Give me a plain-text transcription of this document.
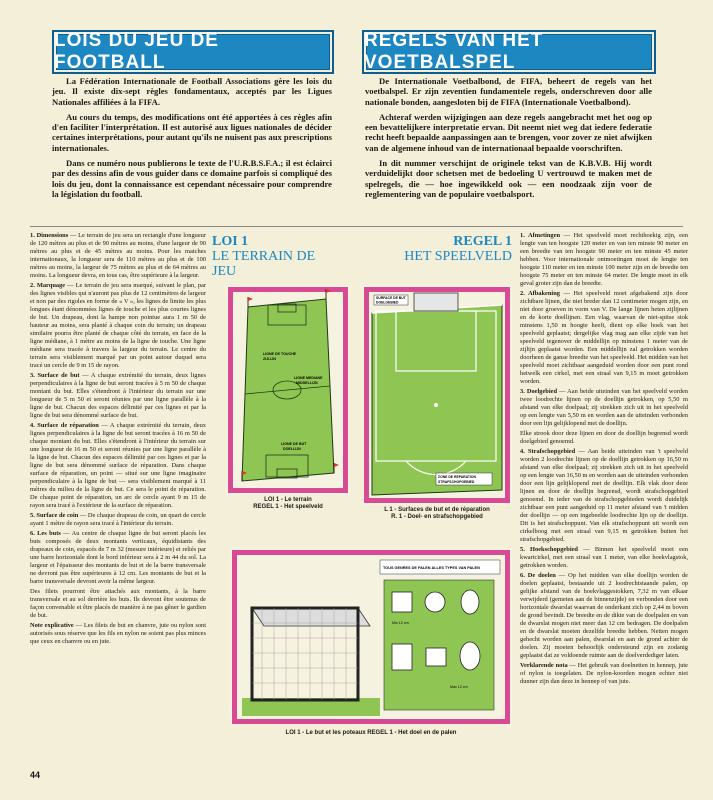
LOIS DU JEU DE FOOTBALL
REGELS VAN HET VOETBALSPEL

La Fédération Internationale de Football Associations gère les lois du jeu. Il existe dix-sept règles fondamentaux, acceptés par les Ligues Nationales affiliées à la FIFA.

Au cours du temps, des modifications ont été apportées à ces règles afin d'en faciliter l'interprétation. Il est autorisé aux ligues nationales de décider certaines interprétations, pour autant qu'ils ne nuisent pas aux prescriptions internationales.

Dans ce numéro nous publierons le texte de l'U.R.B.S.F.A.; il est éclairci par des dessins afin de vous guider dans ce domaine parfois si compliqué des lois du jeu, dont la connaissance est cependant nécessaire pour comprendre la législation du football.

De Internationale Voetbalbond, de FIFA, beheert de regels van het voetbalspel. Er zijn zeventien fundamentele regels, onderschreven door alle nationale bonden, aangesloten bij de FIFA (Internationale Voetbalbond).

Achteraf werden wijzigingen aan deze regels aangebracht met het oog op een bevattelijkere interpretatie ervan. Dit neemt niet weg dat iedere federatie recht heeft bepaalde aanpassingen aan te brengen, voor zover ze niet afwijken van de algemene inhoud van de internationaal bepaalde voorschriften.

In dit nummer verschijnt de originele tekst van de K.B.V.B. Hij wordt verduidelijkt door schetsen met de bedoeling U vertrouwd te maken met de spelregels, die — hoe ingewikkeld ook — een noodzaak zijn voor de reglementering van de populaire voetbalsport.

LOI 1
LE TERRAIN DE JEU
REGEL 1
HET SPEELVELD

1. Dimensions — Le terrain de jeu sera un rectangle d'une longueur de 120 mètres au plus et de 90 mètres au moins, d'une largeur de 90 mètres au plus et de 45 mètres au moins. Pour les matches internationaux, la longueur sera de 110 mètres au plus et de 100 mètres au moins, la largeur de 75 mètres au plus et de 64 mètres au moins. La longueur devra, en tous cas, être supérieure à la largeur.

2. Marquage — Le terrain de jeu sera marqué, suivant le plan, par des lignes visibles qui n'auront pas plus de 12 centimètres de largeur et non par des rigoles en forme de « V », les lignes de limite les plus longues étant dénommées lignes de touche et les plus courtes lignes de but. Un drapeau, dont la hampe non pointue aura 1 m 50 de hauteur au moins, sera planté à chaque coin du terrain; un drapeau similaire pourra être planté de chaque côté du terrain, en face de la ligne médiane, à 1 mètre au moins de la ligne de touche. Une ligne médiane sera tracée à travers la largeur du terrain. Le centre du terrain sera visiblement marqué par un point autour duquel sera tracé un cercle de 9 m 15 de rayon.

3. Surface de but — A chaque extrémité du terrain, deux lignes perpendiculaires à la ligne de but seront tracées à 5 m 50 de chaque montant du but. Elles s'étendront à l'intérieur du terrain sur une longueur de 5 m 50 et seront réunies par une ligne parallèle à la ligne de but. Chacun des espaces délimité par ces lignes et par la ligne de but sera dénommé surface de but.

4. Surface de réparation — A chaque extrémité du terrain, deux lignes perpendiculaires à la ligne de but seront tracées à 16 m 50 de chaque montant du but. Elles s'étendront à l'intérieur du terrain sur une longueur de 16 m 50 et seront réunies par une ligne parallèle à la ligne de but. Chacun des espaces délimité par ces lignes et par la ligne de but sera dénommé surface de réparation. Dans chaque surface de réparation, un point — situé sur une ligne imaginaire perpendiculaire à la ligne de but — sera visiblement marqué à 11 mètres du milieu de la ligne de but. Ce sera le point de réparation. De chaque point de réparation, un arc de cercle ayant 9 m 15 de rayon sera tracé à l'extérieur de la surface de réparation.

5. Surface de coin — De chaque drapeau de coin, un quart de cercle ayant 1 mètre de rayon sera tracé à l'intérieur du terrain.

6. Les buts — Au centre de chaque ligne de but seront placés les buts composés de deux montants verticaux, équidistants des drapeaux de coin, espacés de 7 m 32 (mesure intérieure) et reliés par une barre horizontale dont le bord inférieur sera à 2 m 44 du sol. La largeur et l'épaisseur des montants de but et de la barre transversale ne devront pas être supérieures à 12 cm. Les montants de but et la barre transversale devront avoir la même largeur.

Des filets pourront être attachés aux montants, à la barre transversale et au sol derrière les buts. Ils devront être soutenus de façon convenable et être placés de manière à ne pas gêner le gardien de but.

Note explicative — Les filets de but en chanvre, jute ou nylon sont autorisés sous réserve que les fils en nylon ne soient pas plus minces que ceux en chanvre ou en jute.

1. Afmetingen — Het speelveld moet rechthoekig zijn, een lengte van ten hoogste 120 meter en van ten minste 90 meter en een breedte van ten hoogste 90 meter en ten minste 45 meter hebben. Voor internationale ontmoetingen moet de lengte ten hoogste 110 meter en ten minste 100 meter zijn en de breedte ten hoogste 75 meter en ten minste 64 meter. De lengte moet in elk geval groter zijn dan de breedte.

2. Afbakening — Het speelveld moet afgebakend zijn door zichtbare lijnen, die niet breder dan 12 centimeter mogen zijn, en niet door groeven in vorm van V. De lange lijnen heten zijlijnen en de korte doellijnen. Een vlag, waarvan de niet-spitse stok minstens 1,50 m hoogte heeft, dient op elke hoek van het speelveld geplaatst; dergelijke vlag mag aan elke zijde van het speelveld tegenover de middellijn op minstens 1 meter van de zijlijn geplaatst worden. Een middellijn zal getrokken worden doorheen de ganse breedte van het speelveld. Het midden van het speelveld moet zichtbaar aangeduid worden door een punt rond hetwelk een cirkel, met een straal van 9,15 m moet getrokken worden.

3. Doelgebied — Aan beide uiteinden van het speelveld worden twee loodrechte lijnen op de doellijn getrokken, op 5,50 m afstand van elke doelpaal; zij strekken zich uit in het speelveld op een lengte van 5,50 m en worden aan de uiteinden verbonden door een lijn gelijklopend met de doellijn.

Elke strook door deze lijnen en door de doellijn begrensd wordt doelgebied genoemd.

4. Strafschopgebied — Aan beide uiteinden van 't speelveld worden 2 loodrechte lijnen op de doellijn getrokken op 16,50 m afstand van elke doelpaal; zij strekken zich uit in het speelveld op een lengte van 16,50 m en worden aan de uiteinden verbonden door een lijn gelijklopend met de doellijn. Elk vlak door deze lijnen en door de doellijn begrensd, wordt strafschopgebied genoemd. In ieder van de strafschopgebieden wordt duidelijk zichtbaar een punt aangeduid op 11 meter afstand van 't midden der doellijn — op een ingebeelde loodrechte lijn op de doellijn. Dit is het strafschoppunt. Van elk strafschoppunt uit wordt een cirkelboog met een straal van 9,15 m getrokken buiten het strafschopgebied.

5. Hoekschopgebied — Binnen het speelveld moet een kwartcirkel, met een straal van 1 meter, van elke hoekvlagstok, getrokken worden.

6. De doelen — Op het midden van elke doellijn worden de doelen geplaatst, bestaande uit 2 loodrechtstaande palen, op gelijke afstand van de hoekvlaggestokken, 7,32 m van elkaar verwijderd (gemeten aan de binnenzijde) en verbonden door een horizontale dwarslat waarvan de onderkant zich op 2,44 m boven de grond bevindt. De breedte en de dikte van de doelpalen en van de dwarslat mogen niet meer dan 12 cm bedragen. De doelpalen en de dwarslat moeten dezelfde breedte hebben. Netten mogen gehecht worden aan palen, dwarslat en aan de grond achter de doelen. Zij moeten behoorlijk ondersteund zijn en zodanig geplaatst dat ze voldoende ruimte aan de doelverdediger laten.

Verklarende nota — Het gebruik van doelnetten in hennep, jute of nylon is toegelaten. De nylon-koorden mogen echter niet dunner zijn dan deze in hennep of van jute.

LIGNE DE TOUCHE
ZIJLIJN
LIGNE MEDIANE
MIDDELLIJN
LIGNE DE BUT
DOELLIJN
LOI 1 - Le terrain
REGEL 1 - Het speelveld
SURFACE DE BUT
DOELGEBIED
ZONE DE REPARATION
STRAFSCHOPGEBIED
L 1 - Surfaces de but et de réparation
R. 1 - Doel- en strafschopgebied
TOUS GENRES DE PALEN ALLES TYPES VAN PALEN
Min 12 cm
Max 12 cm
LOI 1 - Le but et les poteaux REGEL 1 - Het doel en de palen
44
